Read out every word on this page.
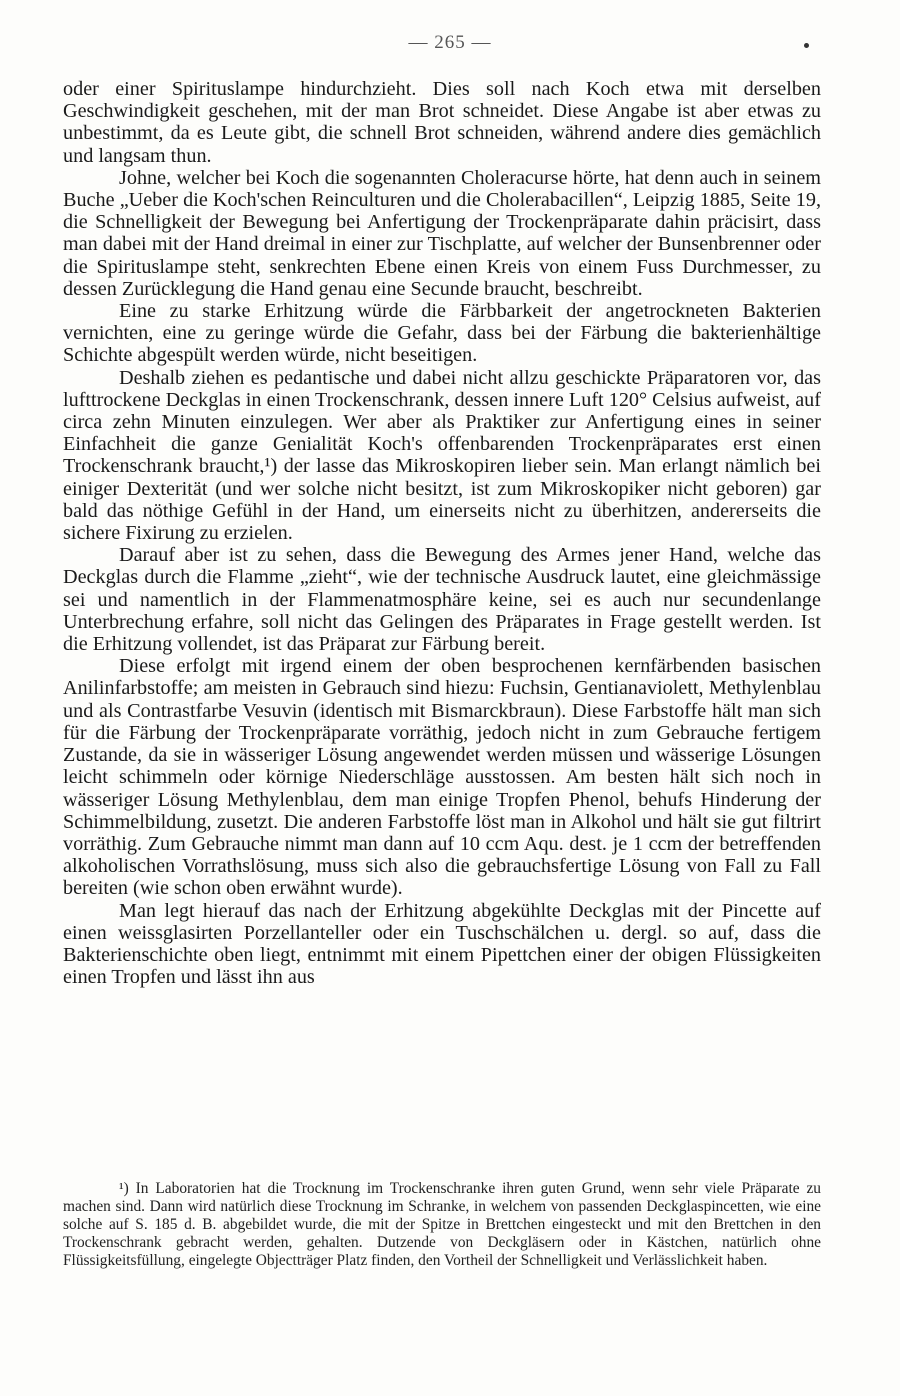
— 265 —

oder einer Spirituslampe hindurchzieht. Dies soll nach Koch etwa mit derselben Geschwindigkeit geschehen, mit der man Brot schneidet. Diese Angabe ist aber etwas zu unbestimmt, da es Leute gibt, die schnell Brot schneiden, während andere dies gemächlich und langsam thun.

Johne, welcher bei Koch die sogenannten Choleracurse hörte, hat denn auch in seinem Buche „Ueber die Koch'schen Reinculturen und die Cholerabacillen“, Leipzig 1885, Seite 19, die Schnelligkeit der Bewegung bei Anfertigung der Trockenpräparate dahin präcisirt, dass man dabei mit der Hand dreimal in einer zur Tischplatte, auf welcher der Bunsenbrenner oder die Spirituslampe steht, senkrechten Ebene einen Kreis von einem Fuss Durchmesser, zu dessen Zurücklegung die Hand genau eine Secunde braucht, beschreibt.

Eine zu starke Erhitzung würde die Färbbarkeit der angetrockneten Bakterien vernichten, eine zu geringe würde die Gefahr, dass bei der Färbung die bakterienhältige Schichte abgespült werden würde, nicht beseitigen.

Deshalb ziehen es pedantische und dabei nicht allzu geschickte Präparatoren vor, das lufttrockene Deckglas in einen Trockenschrank, dessen innere Luft 120° Celsius aufweist, auf circa zehn Minuten einzulegen. Wer aber als Praktiker zur Anfertigung eines in seiner Einfachheit die ganze Genialität Koch's offenbarenden Trockenpräparates erst einen Trockenschrank braucht,¹) der lasse das Mikroskopiren lieber sein. Man erlangt nämlich bei einiger Dexterität (und wer solche nicht besitzt, ist zum Mikroskopiker nicht geboren) gar bald das nöthige Gefühl in der Hand, um einerseits nicht zu überhitzen, andererseits die sichere Fixirung zu erzielen.

Darauf aber ist zu sehen, dass die Bewegung des Armes jener Hand, welche das Deckglas durch die Flamme „zieht“, wie der technische Ausdruck lautet, eine gleichmässige sei und namentlich in der Flammenatmosphäre keine, sei es auch nur secundenlange Unterbrechung erfahre, soll nicht das Gelingen des Präparates in Frage gestellt werden. Ist die Erhitzung vollendet, ist das Präparat zur Färbung bereit.

Diese erfolgt mit irgend einem der oben besprochenen kernfärbenden basischen Anilinfarbstoffe; am meisten in Gebrauch sind hiezu: Fuchsin, Gentianaviolett, Methylenblau und als Contrastfarbe Vesuvin (identisch mit Bismarckbraun). Diese Farbstoffe hält man sich für die Färbung der Trockenpräparate vorräthig, jedoch nicht in zum Gebrauche fertigem Zustande, da sie in wässeriger Lösung angewendet werden müssen und wässerige Lösungen leicht schimmeln oder körnige Niederschläge ausstossen. Am besten hält sich noch in wässeriger Lösung Methylenblau, dem man einige Tropfen Phenol, behufs Hinderung der Schimmelbildung, zusetzt. Die anderen Farbstoffe löst man in Alkohol und hält sie gut filtrirt vorräthig. Zum Gebrauche nimmt man dann auf 10 ccm Aqu. dest. je 1 ccm der betreffenden alkoholischen Vorrathslösung, muss sich also die gebrauchsfertige Lösung von Fall zu Fall bereiten (wie schon oben erwähnt wurde).

Man legt hierauf das nach der Erhitzung abgekühlte Deckglas mit der Pincette auf einen weissglasirten Porzellanteller oder ein Tuschschälchen u. dergl. so auf, dass die Bakterienschichte oben liegt, entnimmt mit einem Pipettchen einer der obigen Flüssigkeiten einen Tropfen und lässt ihn aus

¹) In Laboratorien hat die Trocknung im Trockenschranke ihren guten Grund, wenn sehr viele Präparate zu machen sind. Dann wird natürlich diese Trocknung im Schranke, in welchem von passenden Deckglaspincetten, wie eine solche auf S. 185 d. B. abgebildet wurde, die mit der Spitze in Brettchen eingesteckt und mit den Brettchen in den Trockenschrank gebracht werden, gehalten. Dutzende von Deckgläsern oder in Kästchen, natürlich ohne Flüssigkeitsfüllung, eingelegte Objectträger Platz finden, den Vortheil der Schnelligkeit und Verlässlichkeit haben.
